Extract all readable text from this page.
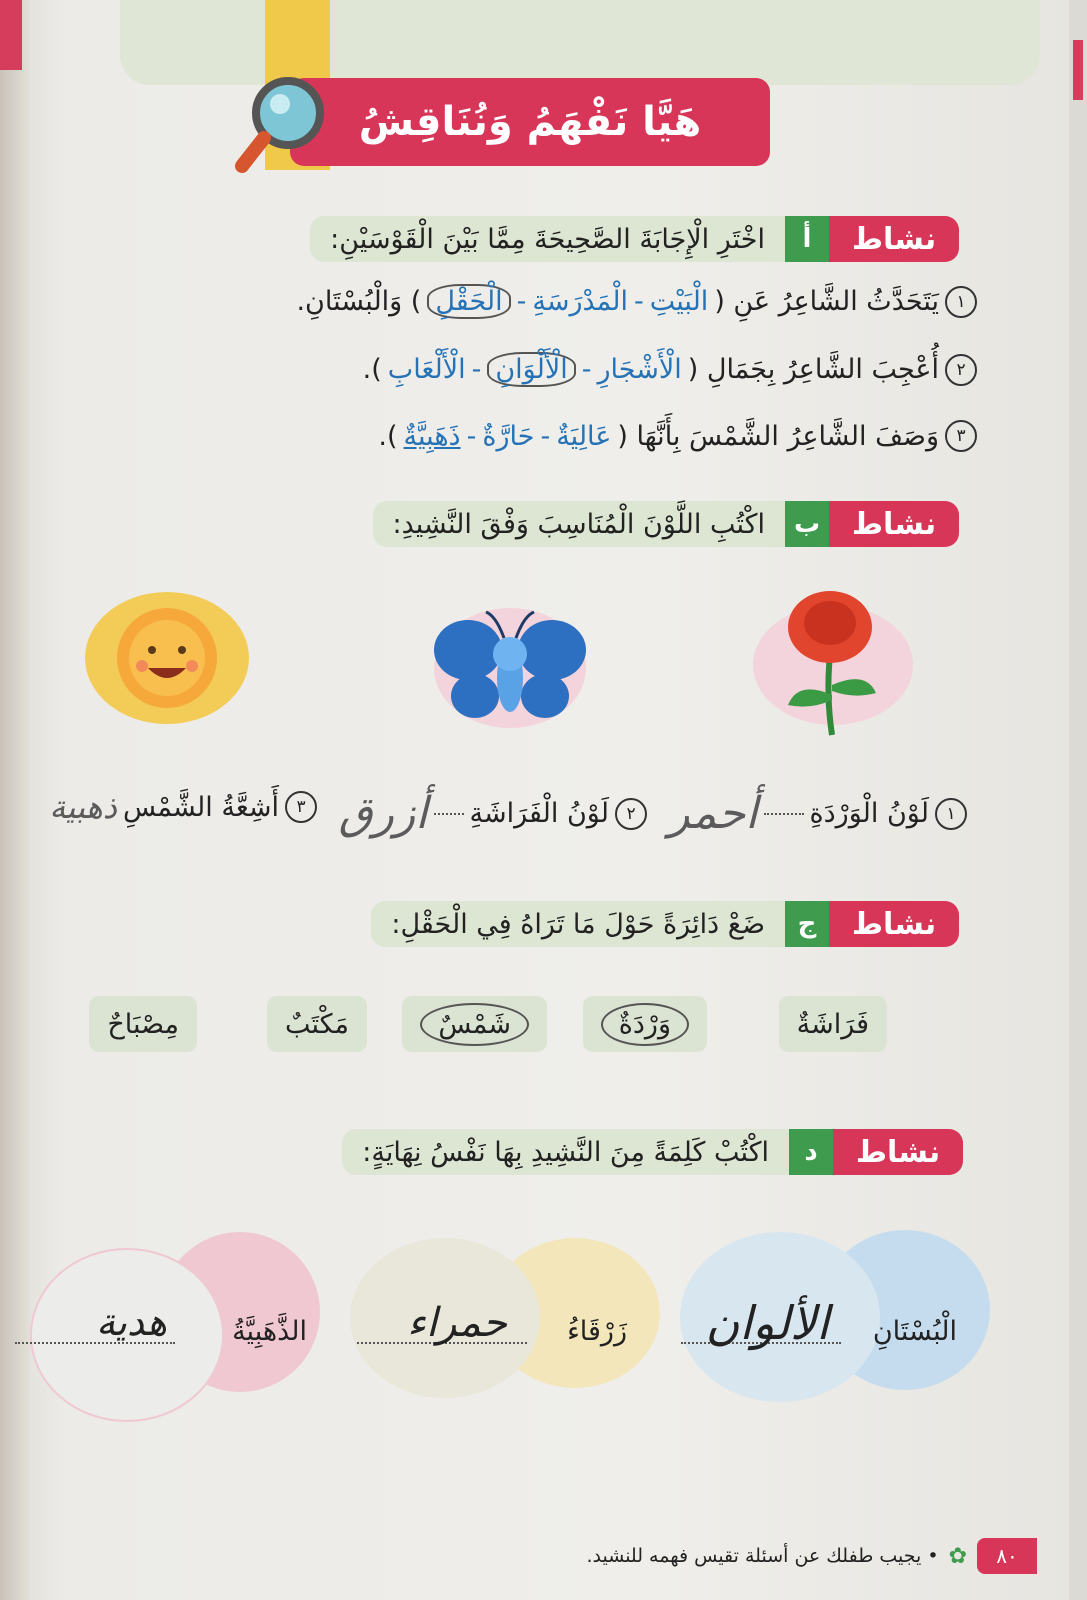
هَيَّا نَفْهَمُ وَنُنَاقِشُ
نشاط
أ
اخْتَرِ الْإِجَابَةَ الصَّحِيحَةَ مِمَّا بَيْنَ الْقَوْسَيْنِ:
١
يَتَحَدَّثُ الشَّاعِرُ عَنِ (
الْبَيْتِ
-
الْمَدْرَسَةِ
-
الْحَقْلِ
) وَالْبُسْتَانِ.
٢
أُعْجِبَ الشَّاعِرُ بِجَمَالِ (
الْأَشْجَارِ
-
الْأَلْوَانِ
-
الْأَلْعَابِ
).
٣
وَصَفَ الشَّاعِرُ الشَّمْسَ بِأَنَّهَا (
عَالِيَةٌ
-
حَارَّةٌ
-
ذَهَبِيَّةٌ
).
نشاط
ب
اكْتُبِ اللَّوْنَ الْمُنَاسِبَ وَفْقَ النَّشِيدِ:
١
لَوْنُ الْوَرْدَةِ
أحمر
٢
لَوْنُ الْفَرَاشَةِ
أزرق
٣
أَشِعَّةُ الشَّمْسِ
ذهبية
نشاط
ج
ضَعْ دَائِرَةً حَوْلَ مَا تَرَاهُ فِي الْحَقْلِ:
فَرَاشَةٌ
وَرْدَةٌ
شَمْسٌ
مَكْتَبٌ
مِصْبَاحٌ
نشاط
د
اكْتُبْ كَلِمَةً مِنَ النَّشِيدِ بِهَا نَفْسُ نِهَايَةٍ:
الْبُسْتَانِ
الألوان
زَرْقَاءُ
حمراء
الذَّهَبِيَّةُ
هدية
٨٠
✿
• يجيب طفلك عن أسئلة تقيس فهمه للنشيد.
